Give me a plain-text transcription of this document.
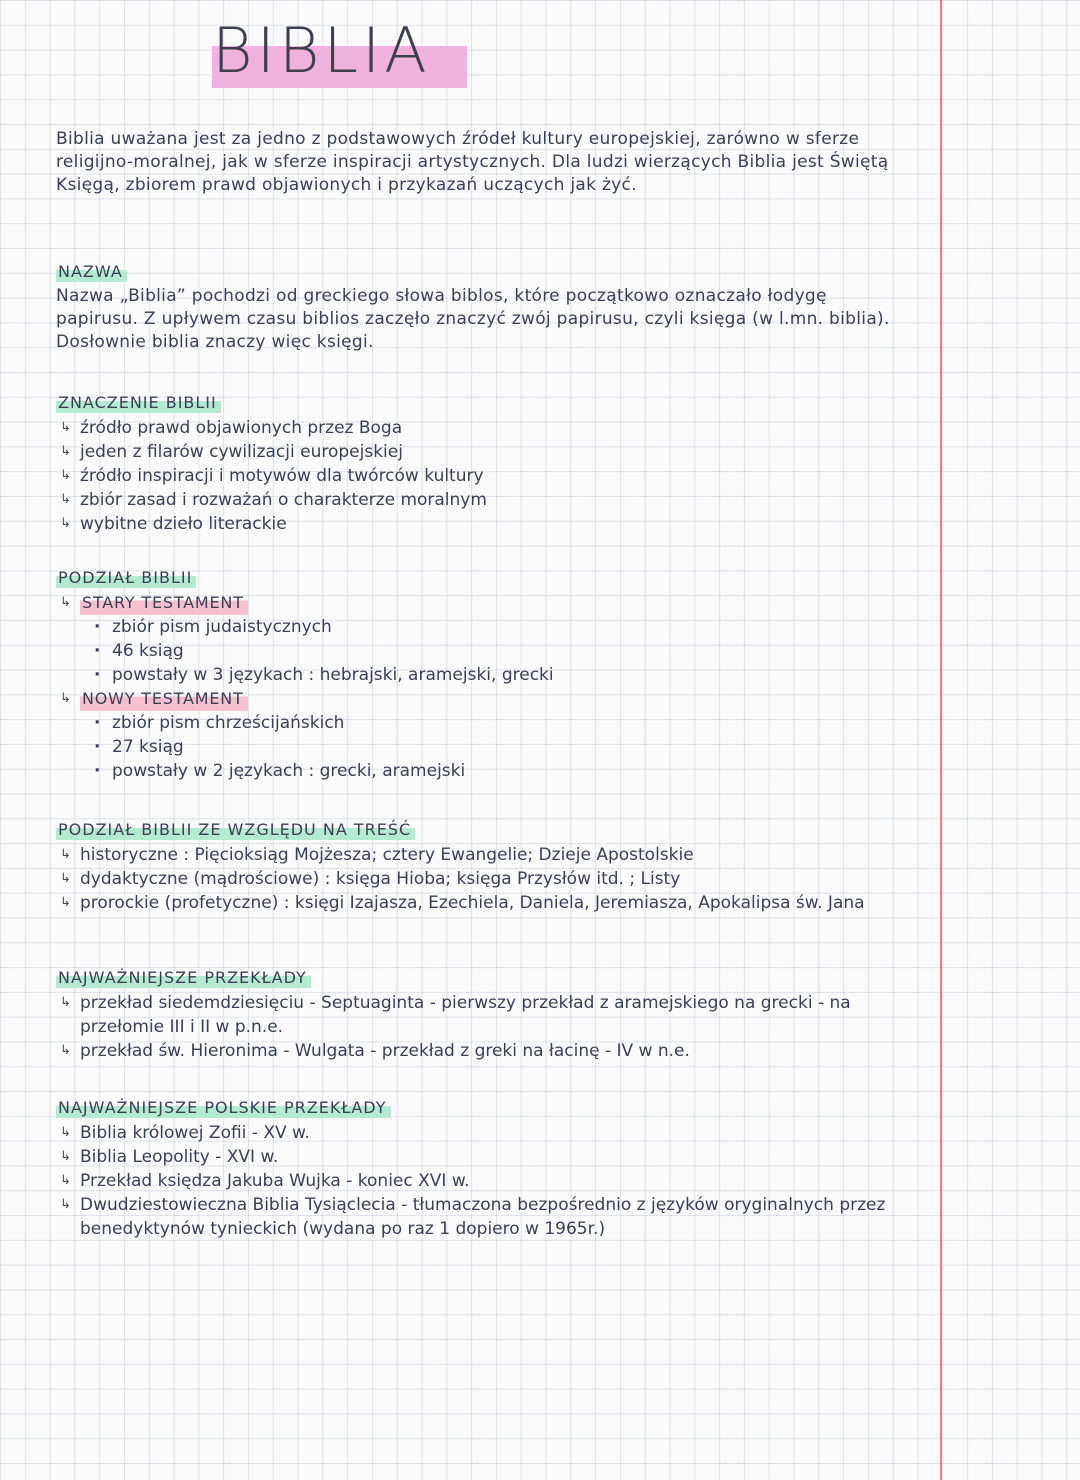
BIBLIA

Biblia uważana jest za jedno z podstawowych źródeł kultury europejskiej, zarówno w sferze religijno-moralnej, jak w sferze inspiracji artystycznych. Dla ludzi wierzących Biblia jest Świętą Księgą, zbiorem prawd objawionych i przykazań uczących jak żyć.

NAZWA

Nazwa „Biblia” pochodzi od greckiego słowa biblos, które początkowo oznaczało łodygę papirusu. Z upływem czasu biblios zaczęło znaczyć zwój papirusu, czyli księga (w l.mn. biblia). Dosłownie biblia znaczy więc księgi.

ZNACZENIE BIBLII
↳ źródło prawd objawionych przez Boga
↳ jeden z filarów cywilizacji europejskiej
↳ źródło inspiracji i motywów dla twórców kultury
↳ zbiór zasad i rozważań o charakterze moralnym
↳ wybitne dzieło literackie
PODZIAŁ BIBLII
↳ STARY TESTAMENT
· zbiór pism judaistycznych
· 46 ksiąg
· powstały w 3 językach : hebrajski, aramejski, grecki
↳ NOWY TESTAMENT
· zbiór pism chrześcijańskich
· 27 ksiąg
· powstały w 2 językach : grecki, aramejski
PODZIAŁ BIBLII ZE WZGLĘDU NA TREŚĆ
↳ historyczne : Pięcioksiąg Mojżesza; cztery Ewangelie; Dzieje Apostolskie
↳ dydaktyczne (mądrościowe) : księga Hioba; księga Przysłów itd. ; Listy
↳ prorockie (profetyczne) : księgi Izajasza, Ezechiela, Daniela, Jeremiasza, Apokalipsa św. Jana
NAJWAŻNIEJSZE PRZEKŁADY
↳ przekład siedemdziesięciu - Septuaginta - pierwszy przekład z aramejskiego na grecki - na przełomie III i II w p.n.e.
↳ przekład św. Hieronima - Wulgata - przekład z greki na łacinę - IV w n.e.
NAJWAŻNIEJSZE POLSKIE PRZEKŁADY
↳ Biblia królowej Zofii - XV w.
↳ Biblia Leopolity - XVI w.
↳ Przekład księdza Jakuba Wujka - koniec XVI w.
↳ Dwudziestowieczna Biblia Tysiąclecia - tłumaczona bezpośrednio z języków oryginalnych przez benedyktynów tynieckich (wydana po raz 1 dopiero w 1965r.)
